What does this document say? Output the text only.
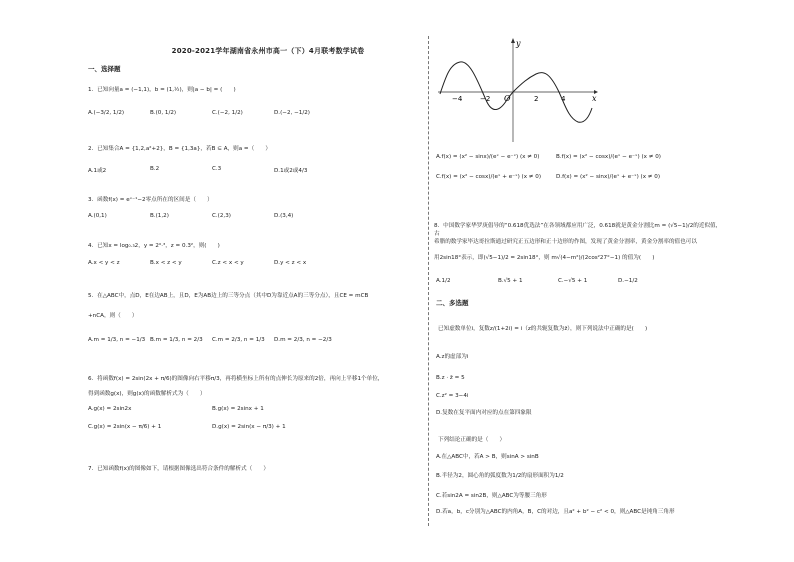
2020-2021学年湖南省永州市高一（下）4月联考数学试卷
一、选择题
1．已知向量a = (−1,1)，b = (1,½)，则|a − b| = (　　)
A.(−3/2, 1/2)	B.(0, 1/2)	C.(−2, 1/2)	D.(−2, −1/2)
2．已知集合A = {1,2,a²+2}，B = {1,3a}，若B ⊆ A，则a =（　　）
A.1或2	B.2	C.3	D.1或2或4/3
3．函数f(x) = eˣ⁻¹−2零点所在的区间是（　　）
A.(0,1)	B.(1,2)	C.(2,3)	D.(3,4)
4．已知x = log₀.₃2，y = 2⁰·³，z = 0.3²，则(　　)
A.x < y < z	B.x < z < y	C.z < x < y	D.y < z < x
5．在△ABC中，点D，E在边AB上，且D，E为AB边上的三等分点（其中D为靠近点A的三等分点），且CE = mCB
+nCA，则（　　）
A.m = 1/3, n = −1/3 B.m = 1/3, n = 2/3 C.m = 2/3, n = 1/3 D.m = 2/3, n = −2/3
6．将函数f(x) = 2sin(2x + π/6)的图像向右平移π/3，再将横坐标上所有的点伸长为原来的2倍，再向上平移1个单位，
得到函数g(x)，则g(x)的函数解析式为（　　）
A.g(x) = 2sin2x	B.g(x) = 2sinx + 1
C.g(x) = 2sin(x − π/6) + 1	D.g(x) = 2sin(x − π/3) + 1
7．已知函数f(x)的图像如下，请根据图像选出符合条件的解析式（　　）
y
x
O
−4	−2	2	4
A.f(x) = (x² − sinx)/(eˣ − e⁻ˣ) (x ≠ 0)	B.f(x) = (x² − cosx)/(eˣ − e⁻ˣ) (x ≠ 0)
C.f(x) = (x² − cosx)/(eˣ + e⁻ˣ) (x ≠ 0)	D.f(x) = (x² − sinx)/(eˣ + e⁻ˣ) (x ≠ 0)
8．中国数学家华罗庚倡导的“0.618优选法”在各领域都应用广泛，0.618就是黄金分割比m = (√5−1)/2的近似值，古
希腊的数学家毕达哥拉斯通过研究正五边形和正十边形的作图，发现了黄金分割率，黄金分割率的值也可以
用2sin18°表示，即(√5−1)/2 = 2sin18°，则 m√(4−m²)/(2cos²27°−1) 的值为(　　)
A.1/2	B.√5 + 1	C.−√5 + 1	D.−1/2
二、多选题
已知虚数单位i，复数z/(1+2i) = i（z的共轭复数为z̄），则下列说法中正确的是(　　)
A.z的虚部为i
B.z · z̄ = 5
C.z² = 3−4i
D.复数在复平面内对应的点在第四象限
下列结论正确的是（　　）
A.在△ABC中，若A > B，则sinA > sinB
B.半径为2，圆心角的弧度数为1/2的扇形面积为1/2
C.若sin2A = sin2B，则△ABC为等腰三角形
D.若a，b，c分别为△ABC的内角A，B，C的对边，且a² + b² − c² < 0，则△ABC是钝角三角形
